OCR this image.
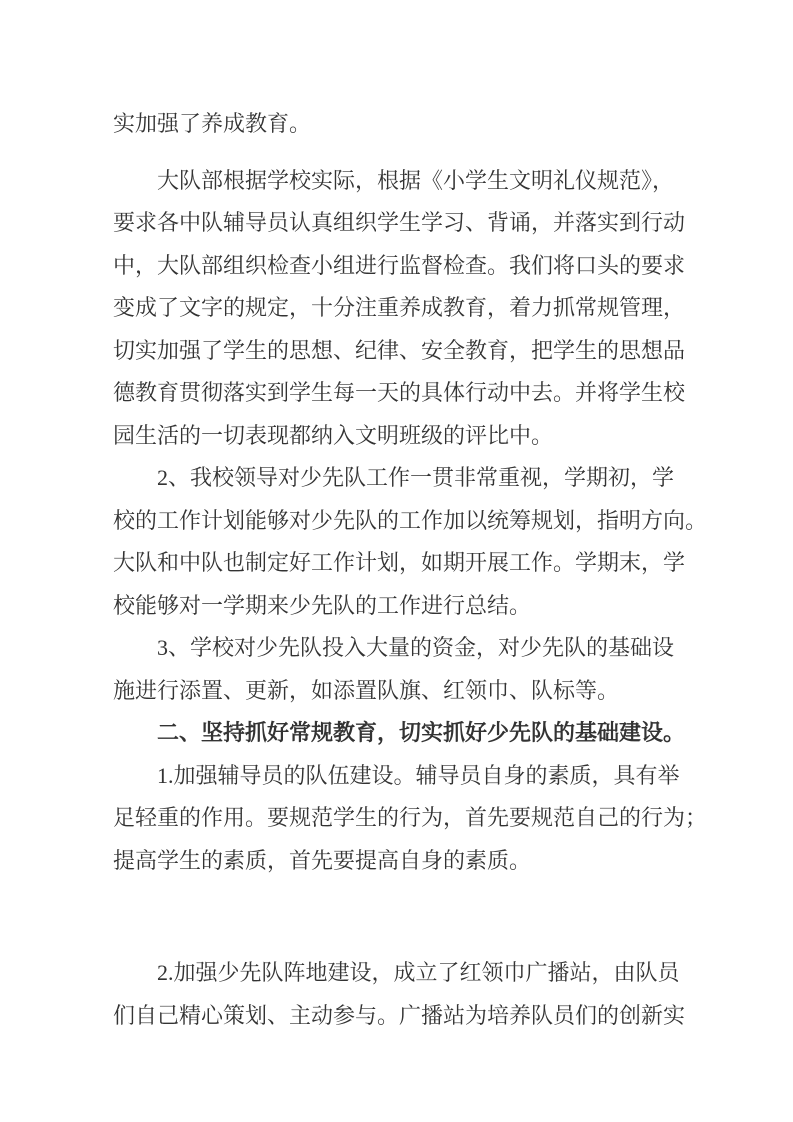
实加强了养成教育。
大队部根据学校实际，根据《小学生文明礼仪规范》，
要求各中队辅导员认真组织学生学习、背诵，并落实到行动
中，大队部组织检查小组进行监督检查。我们将口头的要求
变成了文字的规定，十分注重养成教育，着力抓常规管理，
切实加强了学生的思想、纪律、安全教育，把学生的思想品
德教育贯彻落实到学生每一天的具体行动中去。并将学生校
园生活的一切表现都纳入文明班级的评比中。
2、我校领导对少先队工作一贯非常重视，学期初，学
校的工作计划能够对少先队的工作加以统筹规划，指明方向。
大队和中队也制定好工作计划，如期开展工作。学期末，学
校能够对一学期来少先队的工作进行总结。
3、学校对少先队投入大量的资金，对少先队的基础设
施进行添置、更新，如添置队旗、红领巾、队标等。
二、坚持抓好常规教育，切实抓好少先队的基础建设。
1.加强辅导员的队伍建设。辅导员自身的素质，具有举
足轻重的作用。要规范学生的行为，首先要规范自己的行为；
提高学生的素质，首先要提高自身的素质。
2.加强少先队阵地建设，成立了红领巾广播站，由队员
们自己精心策划、主动参与。广播站为培养队员们的创新实
